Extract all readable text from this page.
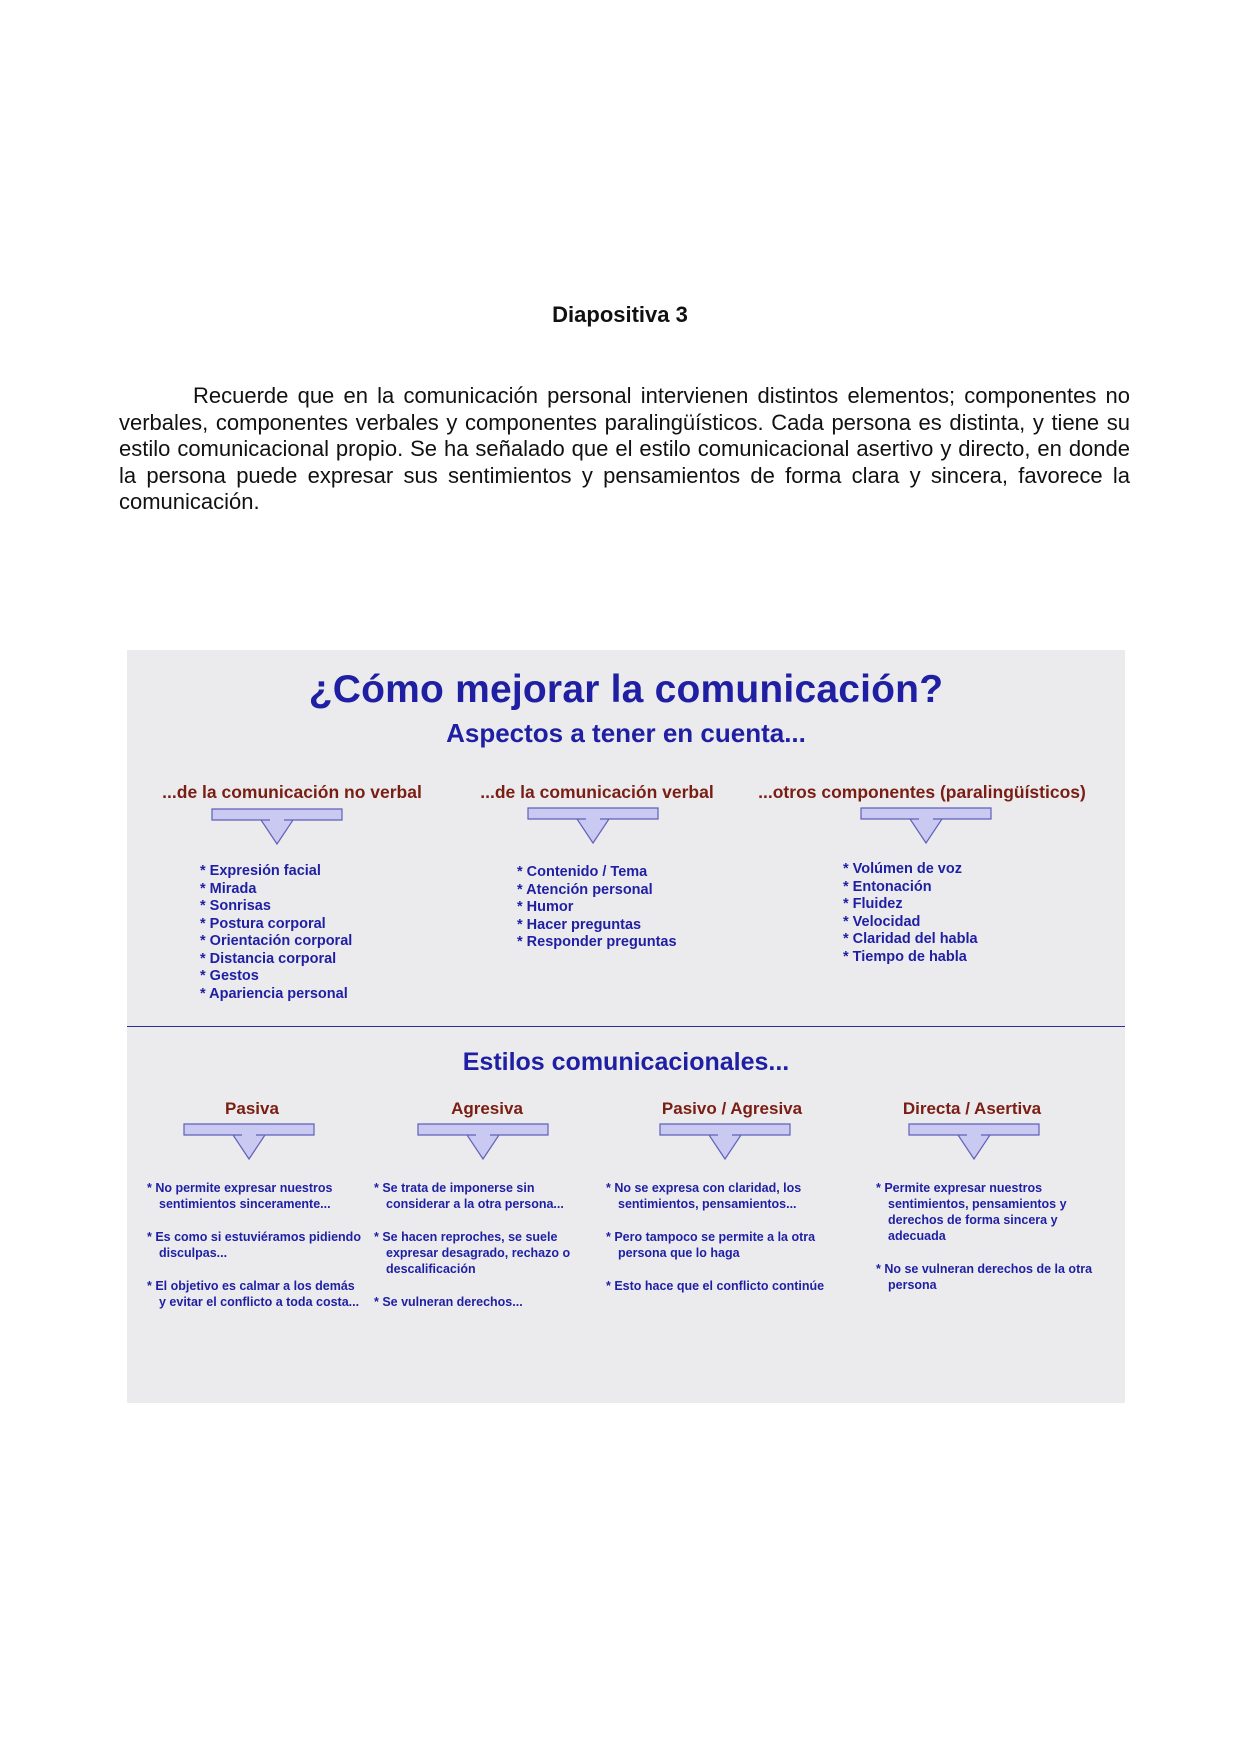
Diapositiva 3

Recuerde que en la comunicación personal intervienen distintos elementos; componentes no verbales, componentes verbales y componentes paralingüísticos. Cada persona es distinta, y tiene su estilo comunicacional propio. Se ha señalado que el estilo comunicacional asertivo y directo, en donde la persona puede expresar sus sentimientos y pensamientos de forma clara y sincera, favorece la comunicación.

¿Cómo mejorar la comunicación?
Aspectos a tener en cuenta...
...de la comunicación no verbal
* Expresión facial
* Mirada
* Sonrisas
* Postura corporal
* Orientación corporal
* Distancia corporal
* Gestos
* Apariencia personal
...de la comunicación verbal
* Contenido / Tema
* Atención personal
* Humor
* Hacer preguntas
* Responder preguntas
...otros componentes (paralingüísticos)
* Volúmen de voz
* Entonación
* Fluidez
* Velocidad
* Claridad del habla
* Tiempo de habla
Estilos comunicacionales...
Pasiva
* No permite expresar nuestros sentimientos sinceramente...
* Es como si estuviéramos pidiendo disculpas...
* El objetivo es calmar a los demás y evitar el conflicto a toda costa...
Agresiva
* Se trata de imponerse sin considerar a la otra persona...
* Se hacen reproches, se suele expresar desagrado, rechazo o descalificación
* Se vulneran derechos...
Pasivo / Agresiva
* No se expresa con claridad, los sentimientos, pensamientos...
* Pero tampoco se permite a la otra persona que lo haga
* Esto hace que el conflicto continúe
Directa / Asertiva
* Permite expresar nuestros sentimientos, pensamientos y derechos de forma sincera y adecuada
* No se vulneran derechos de la otra persona
